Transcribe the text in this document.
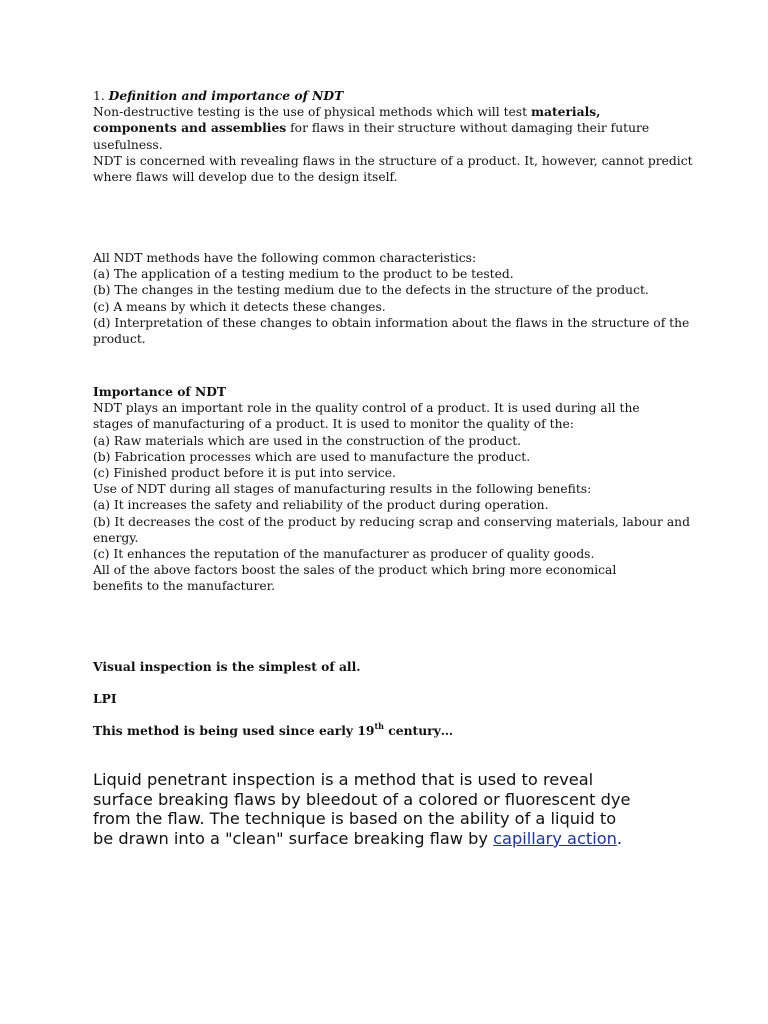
1. Definition and importance of NDT
Non-destructive testing is the use of physical methods which will test materials,
components and assemblies for flaws in their structure without damaging their future
usefulness.
NDT is concerned with revealing flaws in the structure of a product. It, however, cannot predict
where flaws will develop due to the design itself.
All NDT methods have the following common characteristics:
(a) The application of a testing medium to the product to be tested.
(b) The changes in the testing medium due to the defects in the structure of the product.
(c) A means by which it detects these changes.
(d) Interpretation of these changes to obtain information about the flaws in the structure of the
product.
Importance of NDT
NDT plays an important role in the quality control of a product. It is used during all the
stages of manufacturing of a product. It is used to monitor the quality of the:
(a) Raw materials which are used in the construction of the product.
(b) Fabrication processes which are used to manufacture the product.
(c) Finished product before it is put into service.
Use of NDT during all stages of manufacturing results in the following benefits:
(a) It increases the safety and reliability of the product during operation.
(b) It decreases the cost of the product by reducing scrap and conserving materials, labour and
energy.
(c) It enhances the reputation of the manufacturer as producer of quality goods.
All of the above factors boost the sales of the product which bring more economical
benefits to the manufacturer.
Visual inspection is the simplest of all.
LPI
This method is being used since early 19th century…
Liquid penetrant inspection is a method that is used to reveal
surface breaking flaws by bleedout of a colored or fluorescent dye
from the flaw. The technique is based on the ability of a liquid to
be drawn into a "clean" surface breaking flaw by capillary action.
